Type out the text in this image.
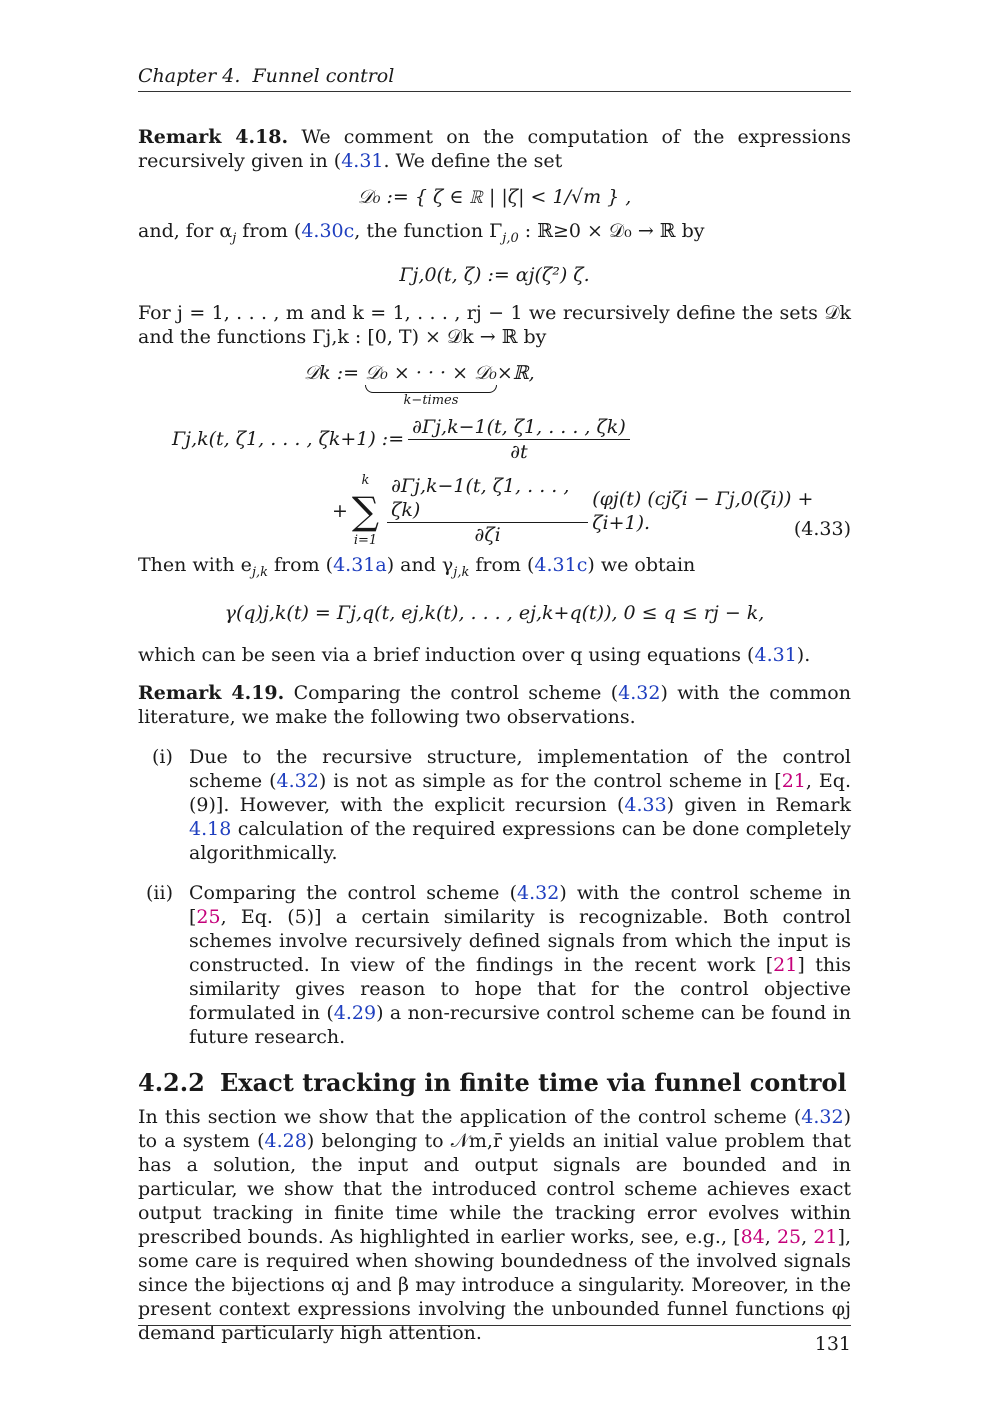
Chapter 4. Funnel control

Remark 4.18. We comment on the computation of the expressions recursively given in (4.31. We define the set

𝒟₀ := { ζ ∈ ℝ | |ζ| < 1/√m } ,

and, for $\alpha_j$ from (4.30c, the function $\Gamma_{j,0}$ : ℝ≥0 × 𝒟₀ → ℝ by

Γj,0(t, ζ) := αj(ζ²) ζ.

For j = 1, . . . , m and k = 1, . . . , rj − 1 we recursively define the sets 𝒟k and the functions Γj,k : [0, T) × 𝒟k → ℝ by

𝒟k :=
𝒟₀ × · · · × 𝒟₀
k−times
×ℝ,
Γj,k(t, ζ1, . . . , ζk+1) := $\frac{\partial\Gamma j,k-1(t, \zeta 1, . . . , \zeta k)}{\partial t}$
+
k
∑
$i=1 \frac{\partial\Gamma j,k-1(t, \zeta 1, . . . , \zeta k)}{\partial\zeta i} (\varphi j(t) (cj\zeta i - \Gamma j,0(\zeta i)) + \zeta i+1)$.	(4.33)

Then with $e_{j,k}$ from (4.31a) and $\gamma_{j,k}$ from (4.31c) we obtain

γ(q)j,k(t) = Γj,q(t, ej,k(t), . . . , ej,k+q(t)), 0 ≤ q ≤ rj − k,

which can be seen via a brief induction over q using equations (4.31).

Remark 4.19. Comparing the control scheme (4.32) with the common literature, we make the following two observations.

(i) Due to the recursive structure, implementation of the control scheme (4.32) is not as simple as for the control scheme in [21, Eq. (9)]. However, with the explicit recursion (4.33) given in Remark 4.18 calculation of the required expressions can be done completely algorithmically.
(ii) Comparing the control scheme (4.32) with the control scheme in [25, Eq. (5)] a certain similarity is recognizable. Both control schemes involve recursively defined signals from which the input is constructed. In view of the findings in the recent work [21] this similarity gives reason to hope that for the control objective formulated in (4.29) a non-recursive control scheme can be found in future research.
4.2.2 Exact tracking in finite time via funnel control

In this section we show that the application of the control scheme (4.32) to a system (4.28) belonging to 𝒩m,r̄ yields an initial value problem that has a solution, the input and output signals are bounded and in particular, we show that the introduced control scheme achieves exact output tracking in finite time while the tracking error evolves within prescribed bounds. As highlighted in earlier works, see, e.g., [84, 25, 21], some care is required when showing boundedness of the involved signals since the bijections αj and β may introduce a singularity. Moreover, in the present context expressions involving the unbounded funnel functions φj demand particularly high attention.

131
